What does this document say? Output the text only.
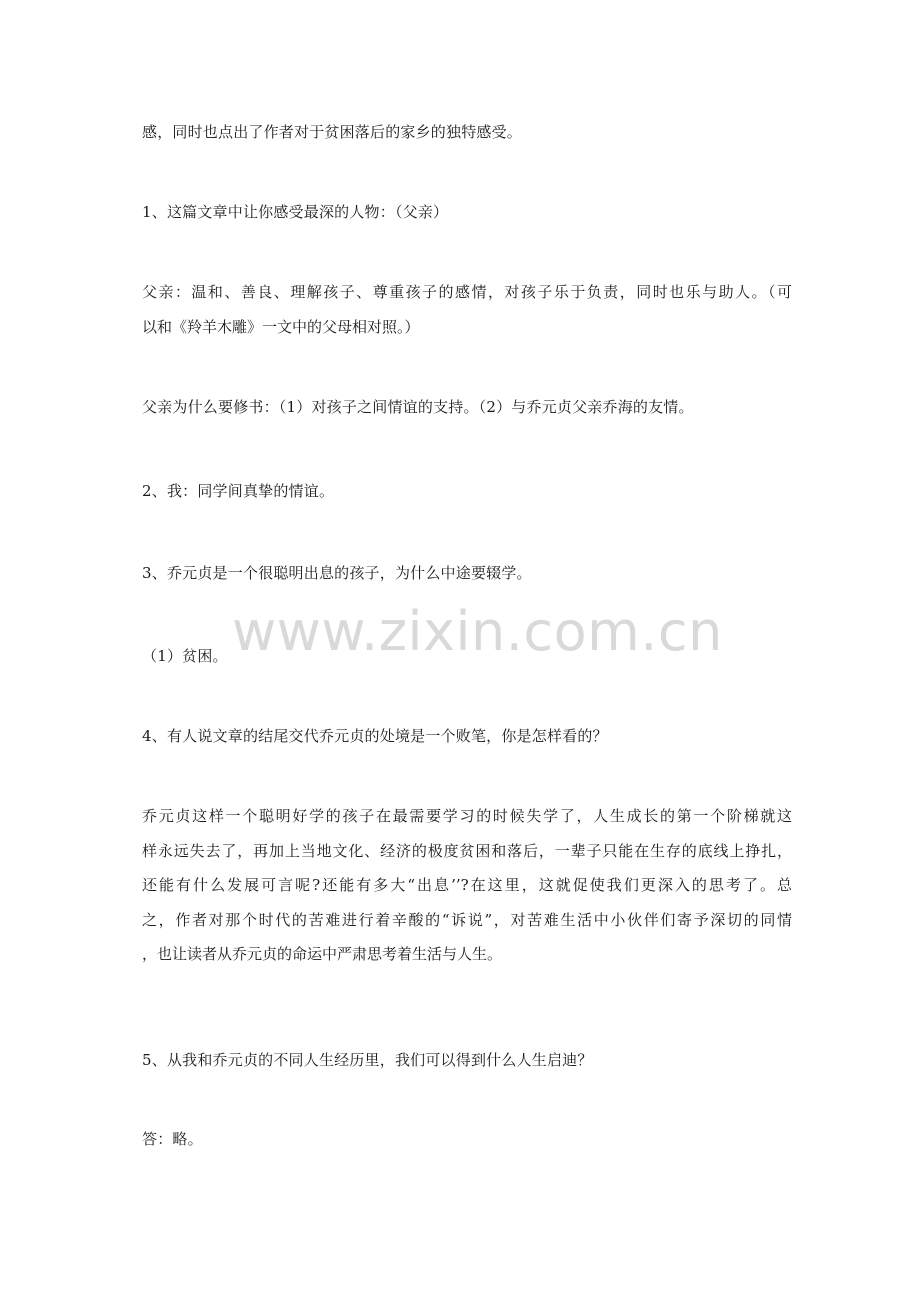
感，同时也点出了作者对于贫困落后的家乡的独特感受。
1、这篇文章中让你感受最深的人物：（父亲）
父亲：温和、善良、理解孩子、尊重孩子的感情，对孩子乐于负责，同时也乐与助人。（可
以和《羚羊木雕》一文中的父母相对照。）
父亲为什么要修书：（1）对孩子之间情谊的支持。（2）与乔元贞父亲乔海的友情。
2、我：同学间真挚的情谊。
3、乔元贞是一个很聪明出息的孩子，为什么中途要辍学。
（1）贫困。
4、有人说文章的结尾交代乔元贞的处境是一个败笔，你是怎样看的？
乔元贞这样一个聪明好学的孩子在最需要学习的时候失学了，人生成长的第一个阶梯就这
样永远失去了，再加上当地文化、经济的极度贫困和落后，一辈子只能在生存的底线上挣扎，
还能有什么发展可言呢?还能有多大“出息’’?在这里，这就促使我们更深入的思考了。总
之，作者对那个时代的苦难进行着辛酸的“诉说”，对苦难生活中小伙伴们寄予深切的同情
，也让读者从乔元贞的命运中严肃思考着生活与人生。
5、从我和乔元贞的不同人生经历里，我们可以得到什么人生启迪？
答：略。
www.zixin.com.cn
